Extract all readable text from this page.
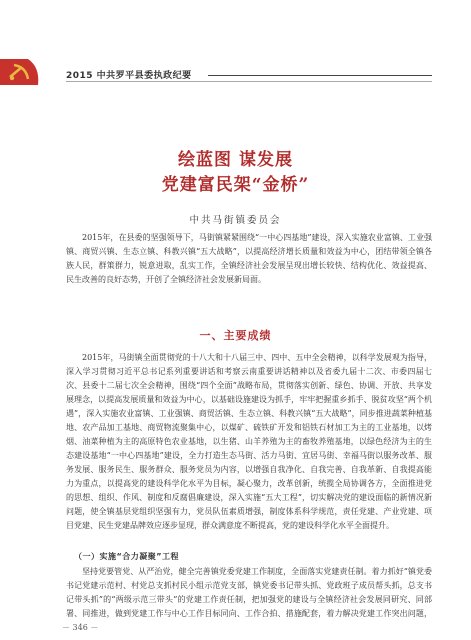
2015 中共罗平县委执政纪要
绘蓝图 谋发展
党建富民架“金桥”
中共马街镇委员会
2015年，在县委的坚强领导下，马街镇紧紧围绕“一中心四基地”建设，深入实施农业富镇、工业强镇、商贸兴镇、生态立镇、科教兴镇“五大战略”，以提高经济增长质量和效益为中心，团结带领全镇各族人民，群策群力，锐意进取，乱实工作，全镇经济社会发展呈现出增长较快、结构优化、效益提高、民生改善的良好态势，开创了全镇经济社会发展新局面。
一、主要成绩
2015年，马街镇全面贯彻党的十八大和十八届三中、四中、五中全会精神，以科学发展观为指导，深入学习贯彻习近平总书记系列重要讲话和考察云南重要讲话精神以及省委九届十二次、市委四届七次、县委十二届七次全会精神，围绕“四个全面”战略布局，贯彻落实创新、绿色、协调、开放、共享发展理念，以提高发展质量和效益为中心，以基础设施建设为抓手，牢牢把握重乡抓手、脱贫攻坚“两个机遇”，深入实施农业富镇、工业强镇、商贸活镇、生态立镇、科教兴镇“五大战略”，同步推进蔬菜种植基地、农产品加工基地、商贸物流聚集中心，以煤矿、硫铁矿开发和铝铁石材加工为主的工业基地，以烤烟、油菜种植为主的高原特色农业基地，以生猪、山羊养殖为主的畜牧养殖基地，以绿色经济为主的生态建设基地“一中心四基地”建设，全力打造生态马街、活力马街、宜居马街、幸福马街以服务改革、服务发展、服务民生、服务群众、服务党员为内容，以增强自我净化、自我完善、自我革新、自我提高能力为重点，以提高党的建设科学化水平为目标，凝心聚力，改革创新，统揽全局协调各方，全面推进党的思想、组织、作风、制度和反腐倡廉建设，深入实施“五大工程”，切实解决党的建设面临的新情况新问题，使全镇基层党组织坚强有力，党员队伍素质增强，制度体系科学规范，责任党建、产业党建、项目党建、民生党建品牌效应逐步显现，群众满意度不断提高，党的建设科学化水平全面提升。
（一）实施“合力凝聚”工程
坚持党要管党、从严治党，健全完善镇党委党建工作制度，全面落实党建责任制。着力抓好“镇党委书记党建示范村、村党总支抓村民小组示范党支部，镇党委书记带头抓、党政班子成员帮头抓，总支书记带头抓”的“两级示范三带头”的党建工作责任制，把加强党的建设与全镇经济社会发展同研究、同部署、同推进，做到党建工作与中心工作目标同向、工作合拍、措施配套，着力解决党建工作突出问题，
－ 346 －
